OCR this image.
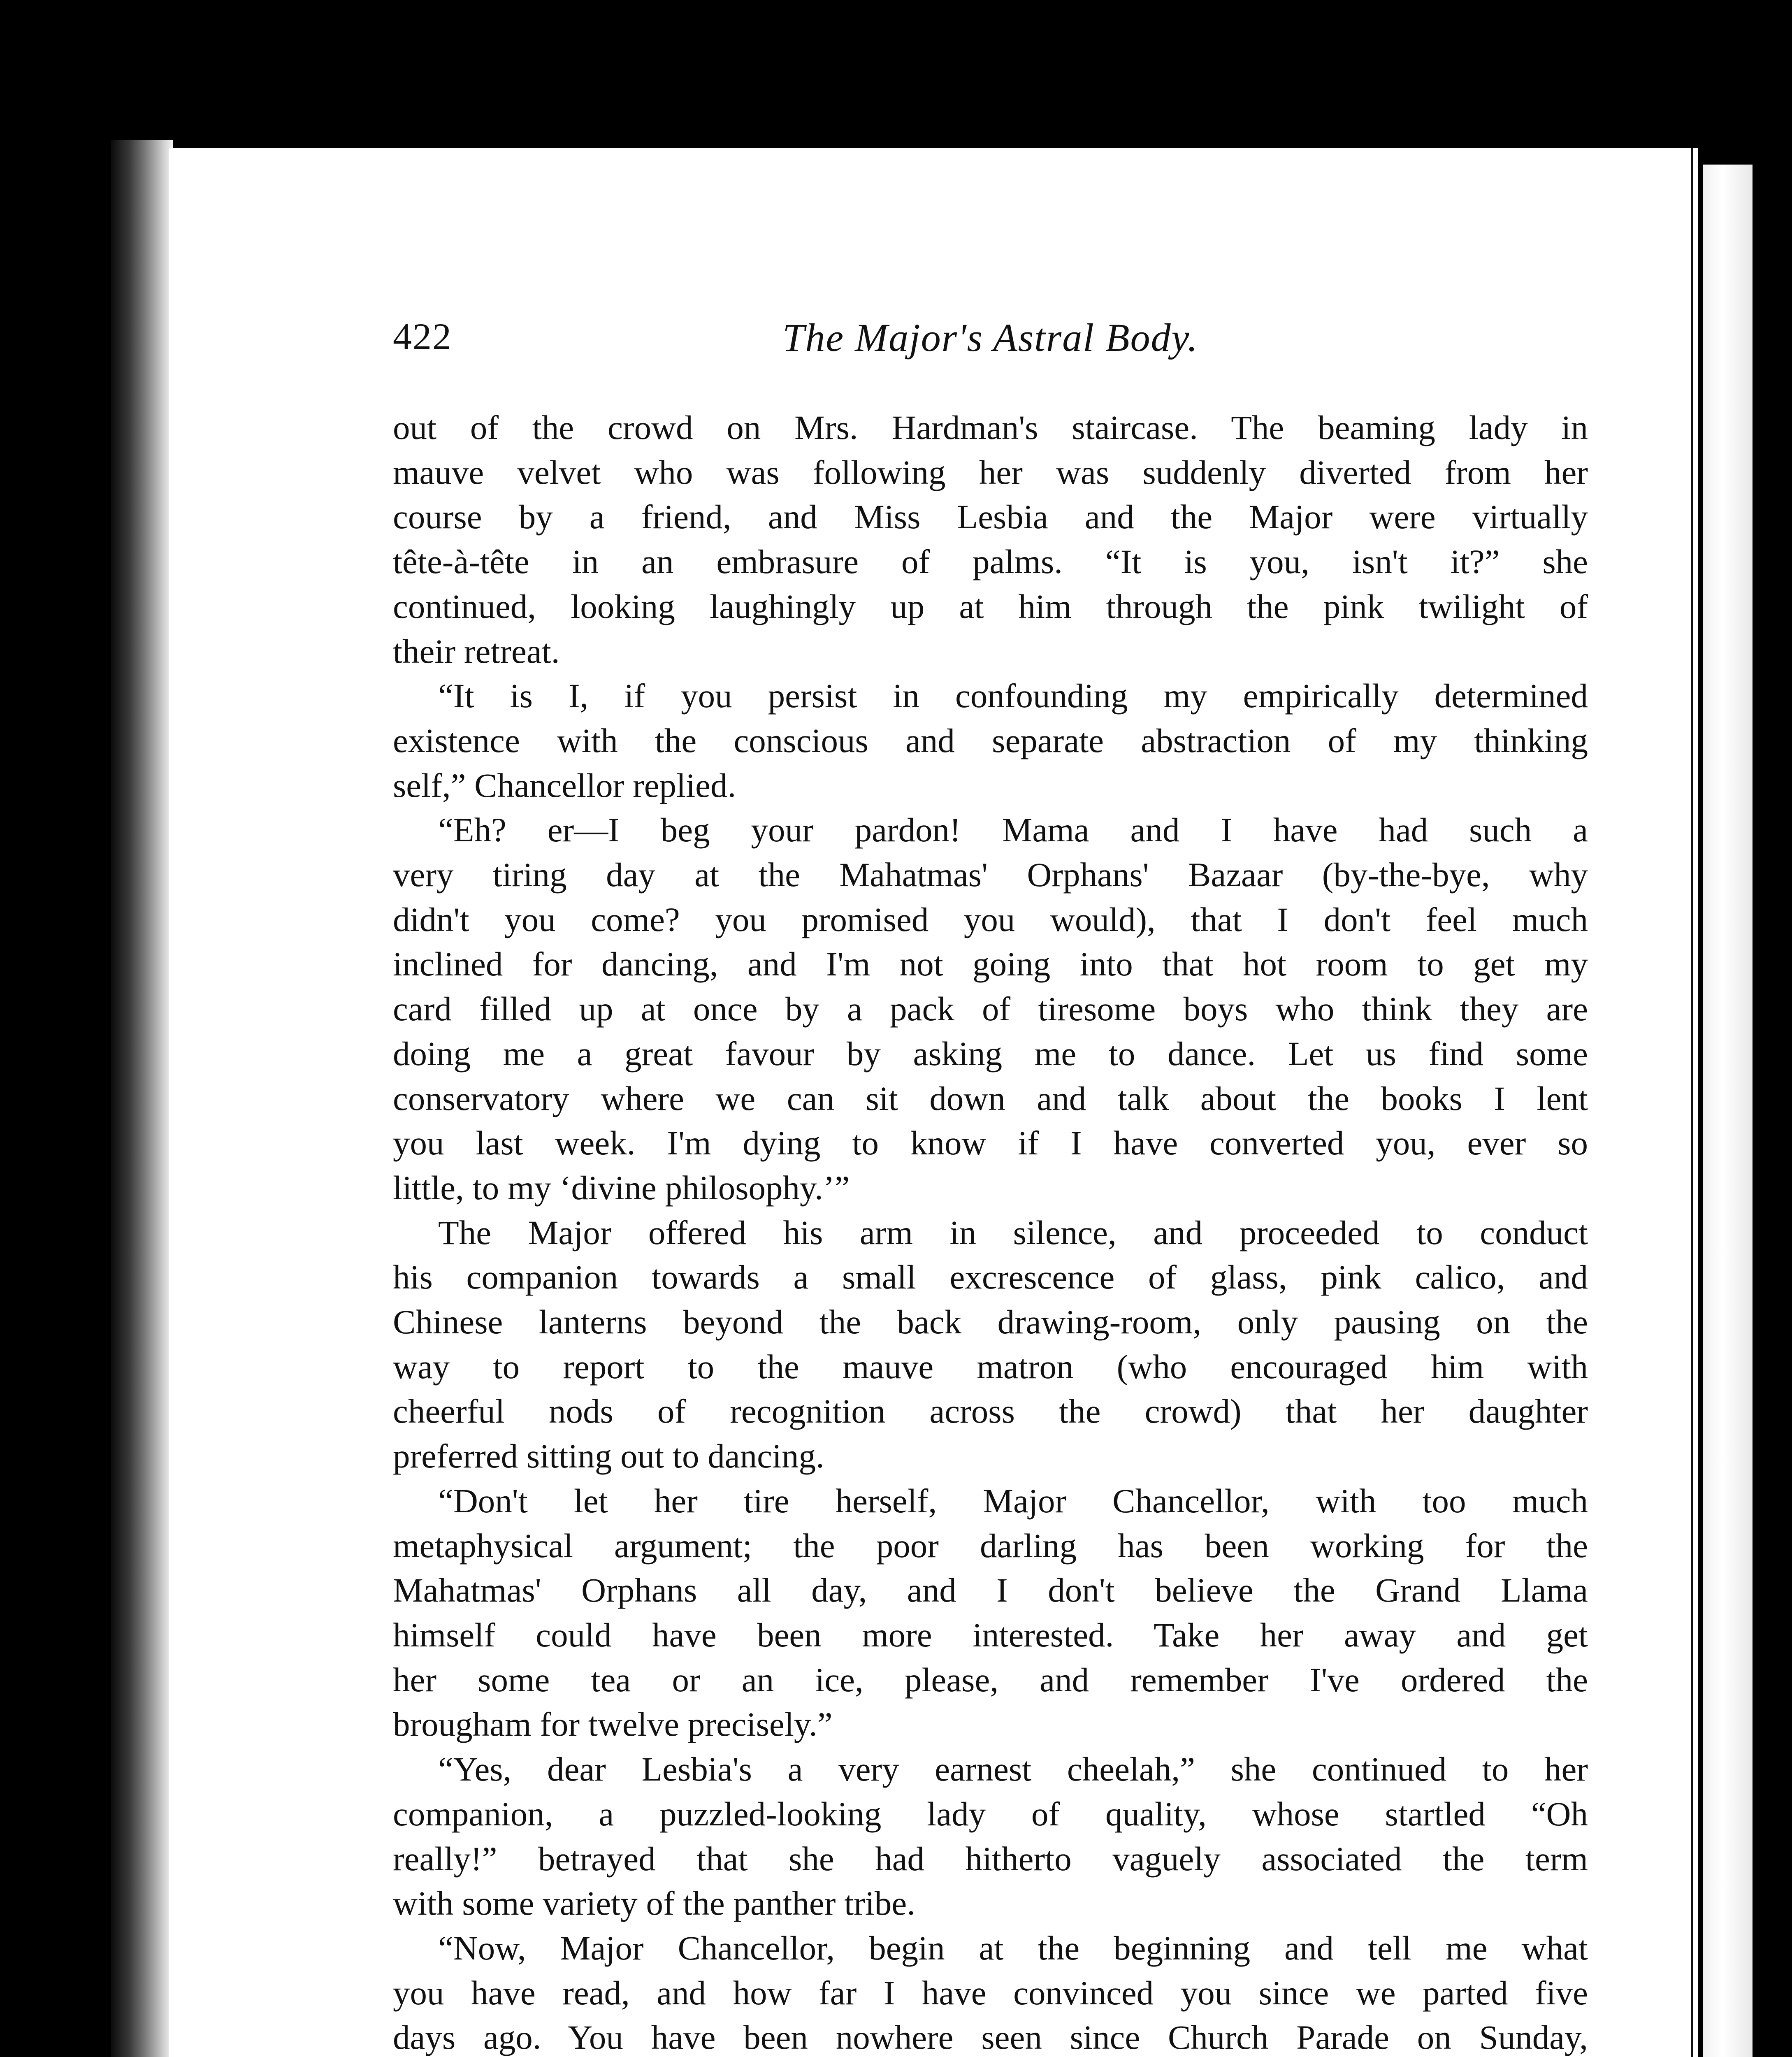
422	The Major's Astral Body.
out of the crowd on Mrs. Hardman's staircase. The beaming lady in
mauve velvet who was following her was suddenly diverted from her
course by a friend, and Miss Lesbia and the Major were virtually
tête-à-tête in an embrasure of palms. “It is you, isn't it?” she
continued, looking laughingly up at him through the pink twilight of
their retreat.
“It is I, if you persist in confounding my empirically determined
existence with the conscious and separate abstraction of my thinking
self,” Chancellor replied.
“Eh? er—I beg your pardon! Mama and I have had such a
very tiring day at the Mahatmas' Orphans' Bazaar (by-the-bye, why
didn't you come? you promised you would), that I don't feel much
inclined for dancing, and I'm not going into that hot room to get my
card filled up at once by a pack of tiresome boys who think they are
doing me a great favour by asking me to dance. Let us find some
conservatory where we can sit down and talk about the books I lent
you last week. I'm dying to know if I have converted you, ever so
little, to my ‘divine philosophy.’”
The Major offered his arm in silence, and proceeded to conduct
his companion towards a small excrescence of glass, pink calico, and
Chinese lanterns beyond the back drawing-room, only pausing on the
way to report to the mauve matron (who encouraged him with
cheerful nods of recognition across the crowd) that her daughter
preferred sitting out to dancing.
“Don't let her tire herself, Major Chancellor, with too much
metaphysical argument; the poor darling has been working for the
Mahatmas' Orphans all day, and I don't believe the Grand Llama
himself could have been more interested. Take her away and get
her some tea or an ice, please, and remember I've ordered the
brougham for twelve precisely.”
“Yes, dear Lesbia's a very earnest cheelah,” she continued to her
companion, a puzzled-looking lady of quality, whose startled “Oh
really!” betrayed that she had hitherto vaguely associated the term
with some variety of the panther tribe.
“Now, Major Chancellor, begin at the beginning and tell me what
you have read, and how far I have convinced you since we parted five
days ago. You have been nowhere seen since Church Parade on Sunday,
